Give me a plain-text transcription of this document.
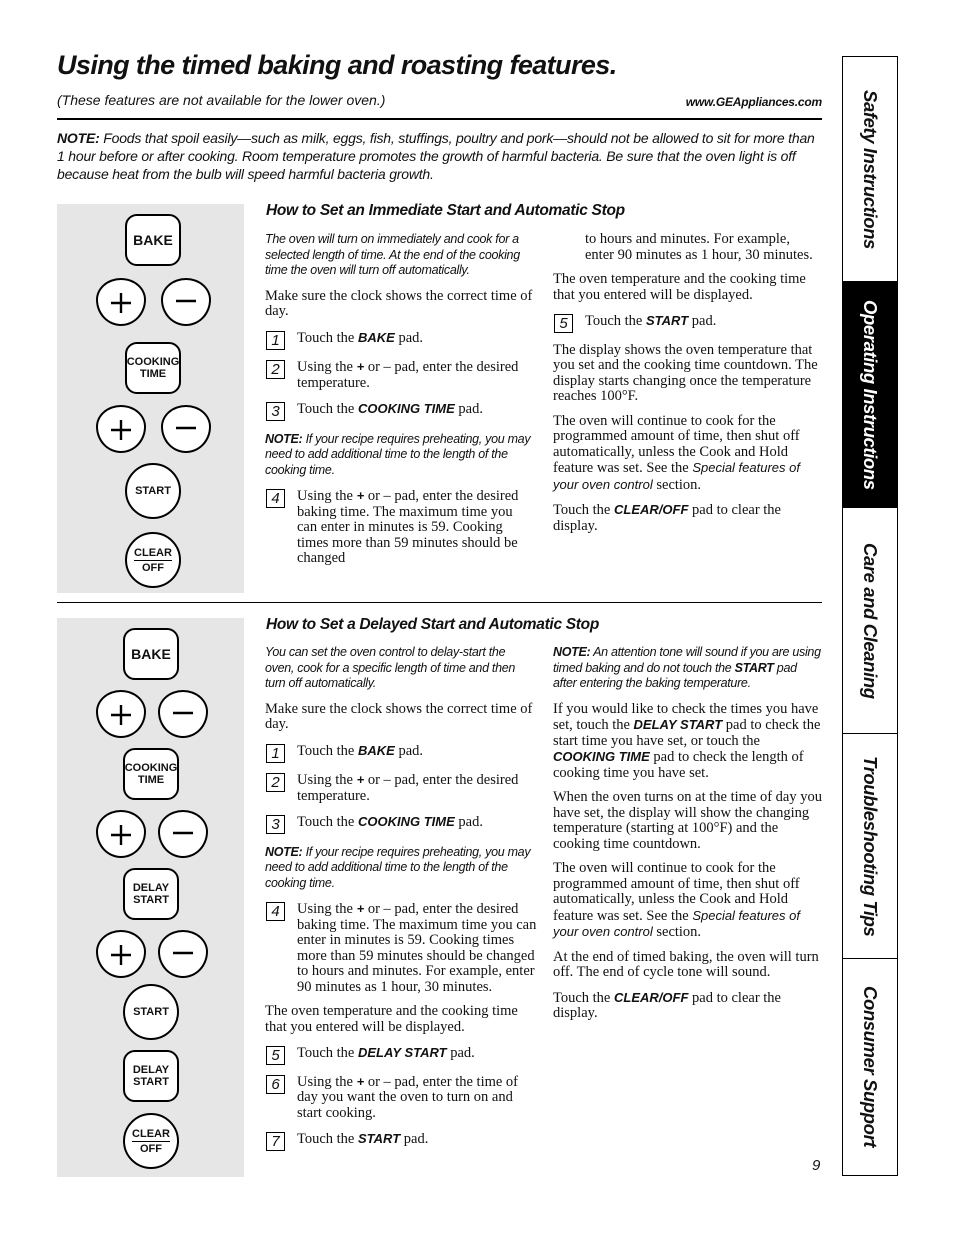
Using the timed baking and roasting features.
(These features are not available for the lower oven.)	www.GEAppliances.com
NOTE: Foods that spoil easily—such as milk, eggs, fish, stuffings, poultry and pork—should not be allowed to sit for more than 1 hour before or after cooking. Room temperature promotes the growth of harmful bacteria. Be sure that the oven light is off because heat from the bulb will speed harmful bacteria growth.
BAKE
COOKING
TIME
START
CLEAR
OFF
How to Set an Immediate Start and Automatic Stop

The oven will turn on immediately and cook for a selected length of time. At the end of the cooking time the oven will turn off automatically.

Make sure the clock shows the correct time of day.

1	Touch the BAKE pad.
2	Using the + or – pad, enter the desired temperature.
3	Touch the COOKING TIME pad.

NOTE: If your recipe requires preheating, you may need to add additional time to the length of the cooking time.

4	Using the + or – pad, enter the desired baking time. The maximum time you can enter in minutes is 59. Cooking times more than 59 minutes should be changed

to hours and minutes. For example, enter 90 minutes as 1 hour, 30 minutes.

The oven temperature and the cooking time that you entered will be displayed.

5	Touch the START pad.

The display shows the oven temperature that you set and the cooking time countdown. The display starts changing once the temperature reaches 100°F.

The oven will continue to cook for the programmed amount of time, then shut off automatically, unless the Cook and Hold feature was set. See the Special features of your oven control section.

Touch the CLEAR/OFF pad to clear the display.

BAKE
COOKING
TIME
DELAY
START
START
DELAY
START
CLEAR
OFF
How to Set a Delayed Start and Automatic Stop

You can set the oven control to delay-start the oven, cook for a specific length of time and then turn off automatically.

Make sure the clock shows the correct time of day.

1	Touch the BAKE pad.
2	Using the + or – pad, enter the desired temperature.
3	Touch the COOKING TIME pad.

NOTE: If your recipe requires preheating, you may need to add additional time to the length of the cooking time.

4	Using the + or – pad, enter the desired baking time. The maximum time you can enter in minutes is 59. Cooking times more than 59 minutes should be changed to hours and minutes. For example, enter 90 minutes as 1 hour, 30 minutes.

The oven temperature and the cooking time that you entered will be displayed.

5	Touch the DELAY START pad.
6	Using the + or – pad, enter the time of day you want the oven to turn on and start cooking.
7	Touch the START pad.

NOTE: An attention tone will sound if you are using timed baking and do not touch the START pad after entering the baking temperature.

If you would like to check the times you have set, touch the DELAY START pad to check the start time you have set, or touch the COOKING TIME pad to check the length of cooking time you have set.

When the oven turns on at the time of day you have set, the display will show the changing temperature (starting at 100°F) and the cooking time countdown.

The oven will continue to cook for the programmed amount of time, then shut off automatically, unless the Cook and Hold feature was set. See the Special features of your oven control section.

At the end of timed baking, the oven will turn off. The end of cycle tone will sound.

Touch the CLEAR/OFF pad to clear the display.

9
Safety Instructions
Operating Instructions
Care and Cleaning
Troubleshooting Tips
Consumer Support
